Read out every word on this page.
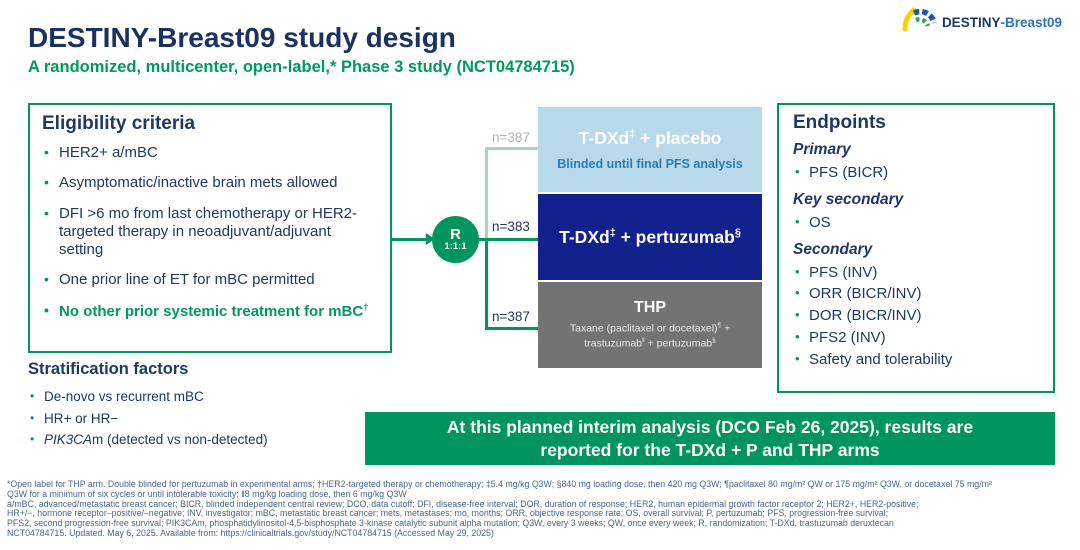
DESTINY-Breast09 study design
A randomized, multicenter, open-label,* Phase 3 study (NCT04784715)
DESTINY-Breast09
Eligibility criteria
• HER2+ a/mBC
• Asymptomatic/inactive brain mets allowed
• DFI >6 mo from last chemotherapy or HER2-targeted therapy in neoadjuvant/adjuvant setting
• One prior line of ET for mBC permitted
• No other prior systemic treatment for mBC†
Stratification factors
• De-novo vs recurrent mBC
• HR+ or HR−
• PIK3CAm (detected vs non-detected)
R
1:1:1
n=387
n=383
n=387
T-DXd‡ + placebo
Blinded until final PFS analysis
T-DXd‡ + pertuzumab§
THP
Taxane (paclitaxel or docetaxel)¶ +
trastuzumab‖ + pertuzumab§
Endpoints
Primary
• PFS (BICR)
Key secondary
• OS
Secondary
• PFS (INV)
• ORR (BICR/INV)
• DOR (BICR/INV)
• PFS2 (INV)
• Safety and tolerability
At this planned interim analysis (DCO Feb 26, 2025), results are
reported for the T-DXd + P and THP arms
*Open label for THP arm. Double blinded for pertuzumab in experimental arms; †HER2-targeted therapy or chemotherapy; ‡5.4 mg/kg Q3W; §840 mg loading dose, then 420 mg Q3W; ¶paclitaxel 80 mg/m² QW or 175 mg/m² Q3W, or docetaxel 75 mg/m²
Q3W for a minimum of six cycles or until intolerable toxicity; ‖8 mg/kg loading dose, then 6 mg/kg Q3W
a/mBC, advanced/metastatic breast cancer; BICR, blinded independent central review; DCO, data cutoff; DFI, disease-free interval; DOR, duration of response; HER2, human epidermal growth factor receptor 2; HER2+, HER2-positive;
HR+/−, hormone receptor–positive/–negative; INV, investigator; mBC, metastatic breast cancer; mets, metastases; mo, months; ORR, objective response rate; OS, overall survival; P, pertuzumab; PFS, progression-free survival;
PFS2, second progression-free survival; PIK3CAm, phosphatidylinositol-4,5-bisphosphate 3-kinase catalytic subunit alpha mutation; Q3W, every 3 weeks; QW, once every week; R, randomization; T-DXd, trastuzumab deruxtecan
NCT04784715. Updated. May 6, 2025. Available from: https://clinicaltrials.gov/study/NCT04784715 (Accessed May 29, 2025)
